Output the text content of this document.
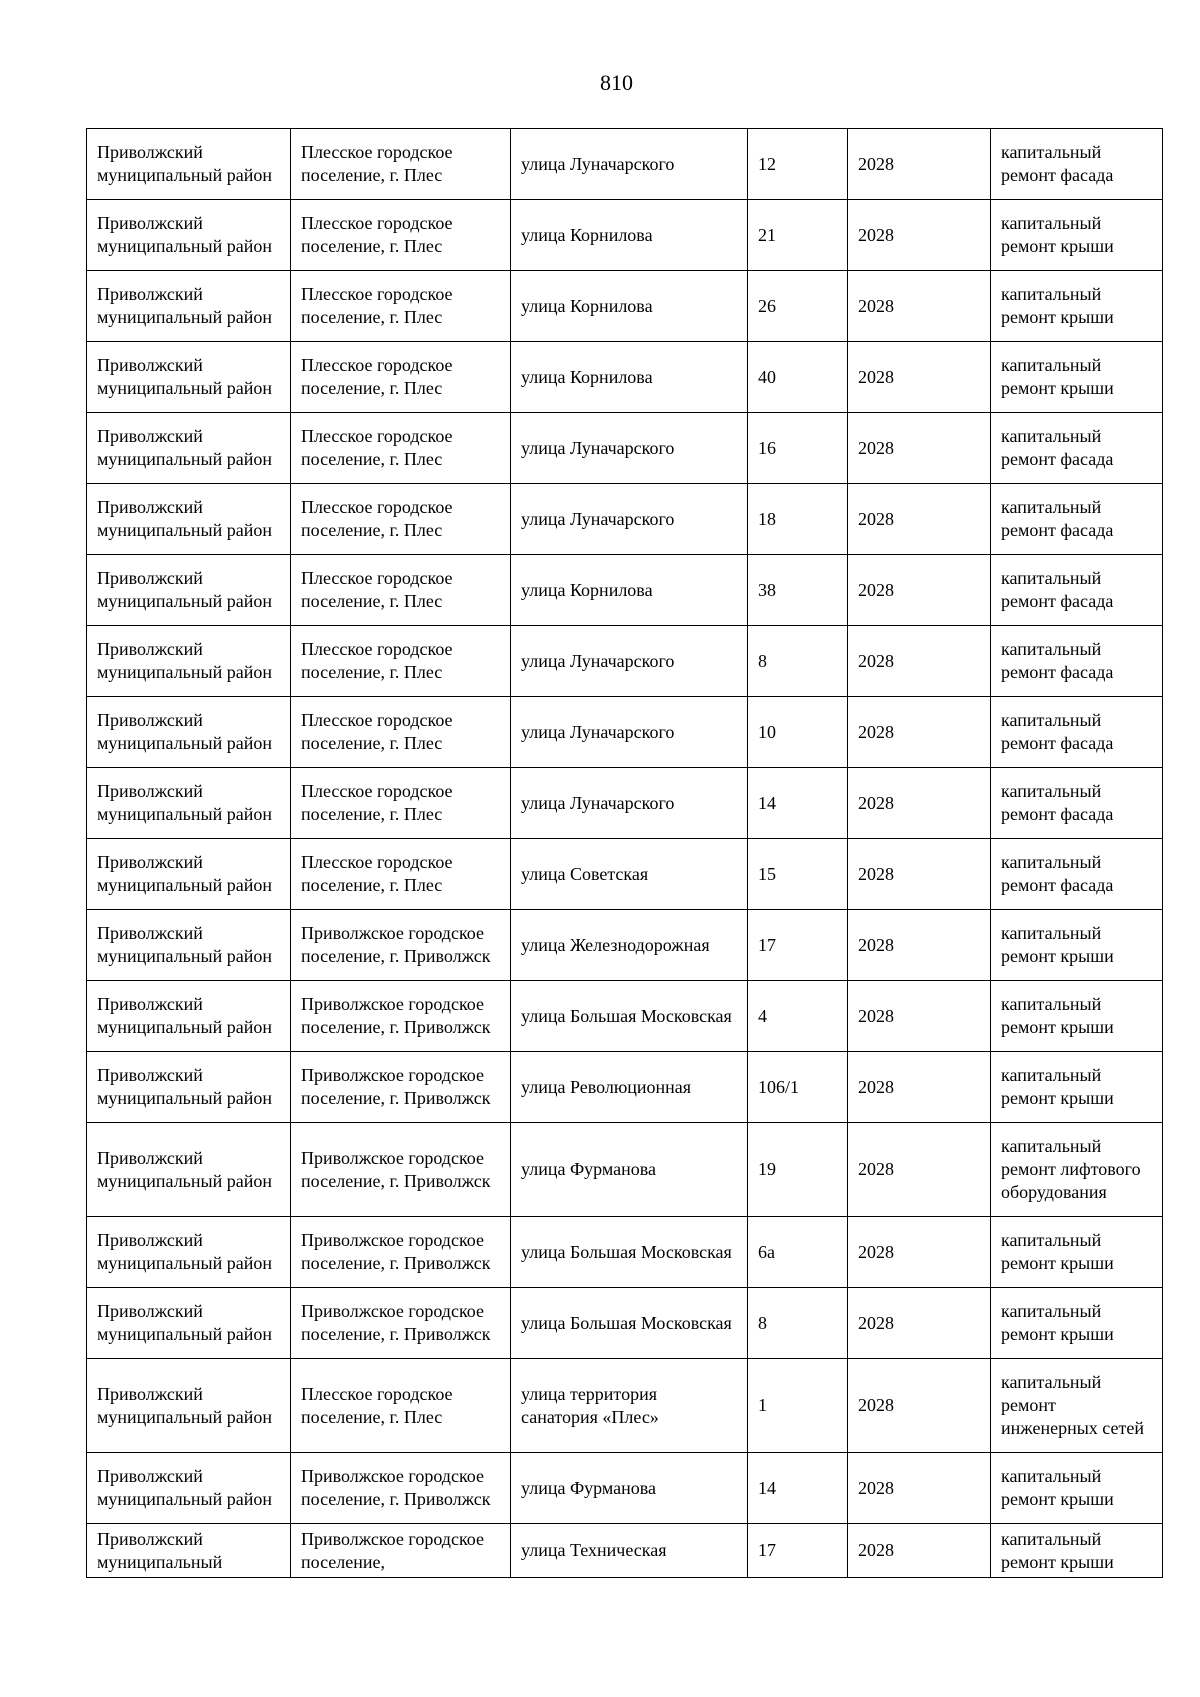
810
Приволжский муниципальный район	Плесское городское поселение, г. Плес	улица Луначарского	12	2028	капитальный ремонт фасада
Приволжский муниципальный район	Плесское городское поселение, г. Плес	улица Корнилова	21	2028	капитальный ремонт крыши
Приволжский муниципальный район	Плесское городское поселение, г. Плес	улица Корнилова	26	2028	капитальный ремонт крыши
Приволжский муниципальный район	Плесское городское поселение, г. Плес	улица Корнилова	40	2028	капитальный ремонт крыши
Приволжский муниципальный район	Плесское городское поселение, г. Плес	улица Луначарского	16	2028	капитальный ремонт фасада
Приволжский муниципальный район	Плесское городское поселение, г. Плес	улица Луначарского	18	2028	капитальный ремонт фасада
Приволжский муниципальный район	Плесское городское поселение, г. Плес	улица Корнилова	38	2028	капитальный ремонт фасада
Приволжский муниципальный район	Плесское городское поселение, г. Плес	улица Луначарского	8	2028	капитальный ремонт фасада
Приволжский муниципальный район	Плесское городское поселение, г. Плес	улица Луначарского	10	2028	капитальный ремонт фасада
Приволжский муниципальный район	Плесское городское поселение, г. Плес	улица Луначарского	14	2028	капитальный ремонт фасада
Приволжский муниципальный район	Плесское городское поселение, г. Плес	улица Советская	15	2028	капитальный ремонт фасада
Приволжский муниципальный район	Приволжское городское поселение, г. Приволжск	улица Железнодорожная	17	2028	капитальный ремонт крыши
Приволжский муниципальный район	Приволжское городское поселение, г. Приволжск	улица Большая Московская	4	2028	капитальный ремонт крыши
Приволжский муниципальный район	Приволжское городское поселение, г. Приволжск	улица Революционная	106/1	2028	капитальный ремонт крыши
Приволжский муниципальный район	Приволжское городское поселение, г. Приволжск	улица Фурманова	19	2028	капитальный ремонт лифтового оборудования
Приволжский муниципальный район	Приволжское городское поселение, г. Приволжск	улица Большая Московская	6а	2028	капитальный ремонт крыши
Приволжский муниципальный район	Приволжское городское поселение, г. Приволжск	улица Большая Московская	8	2028	капитальный ремонт крыши
Приволжский муниципальный район	Плесское городское поселение, г. Плес	улица территория санатория «Плес»	1	2028	капитальный ремонт инженерных сетей
Приволжский муниципальный район	Приволжское городское поселение, г. Приволжск	улица Фурманова	14	2028	капитальный ремонт крыши
Приволжский муниципальный	Приволжское городское поселение,	улица Техническая	17	2028	капитальный ремонт крыши
